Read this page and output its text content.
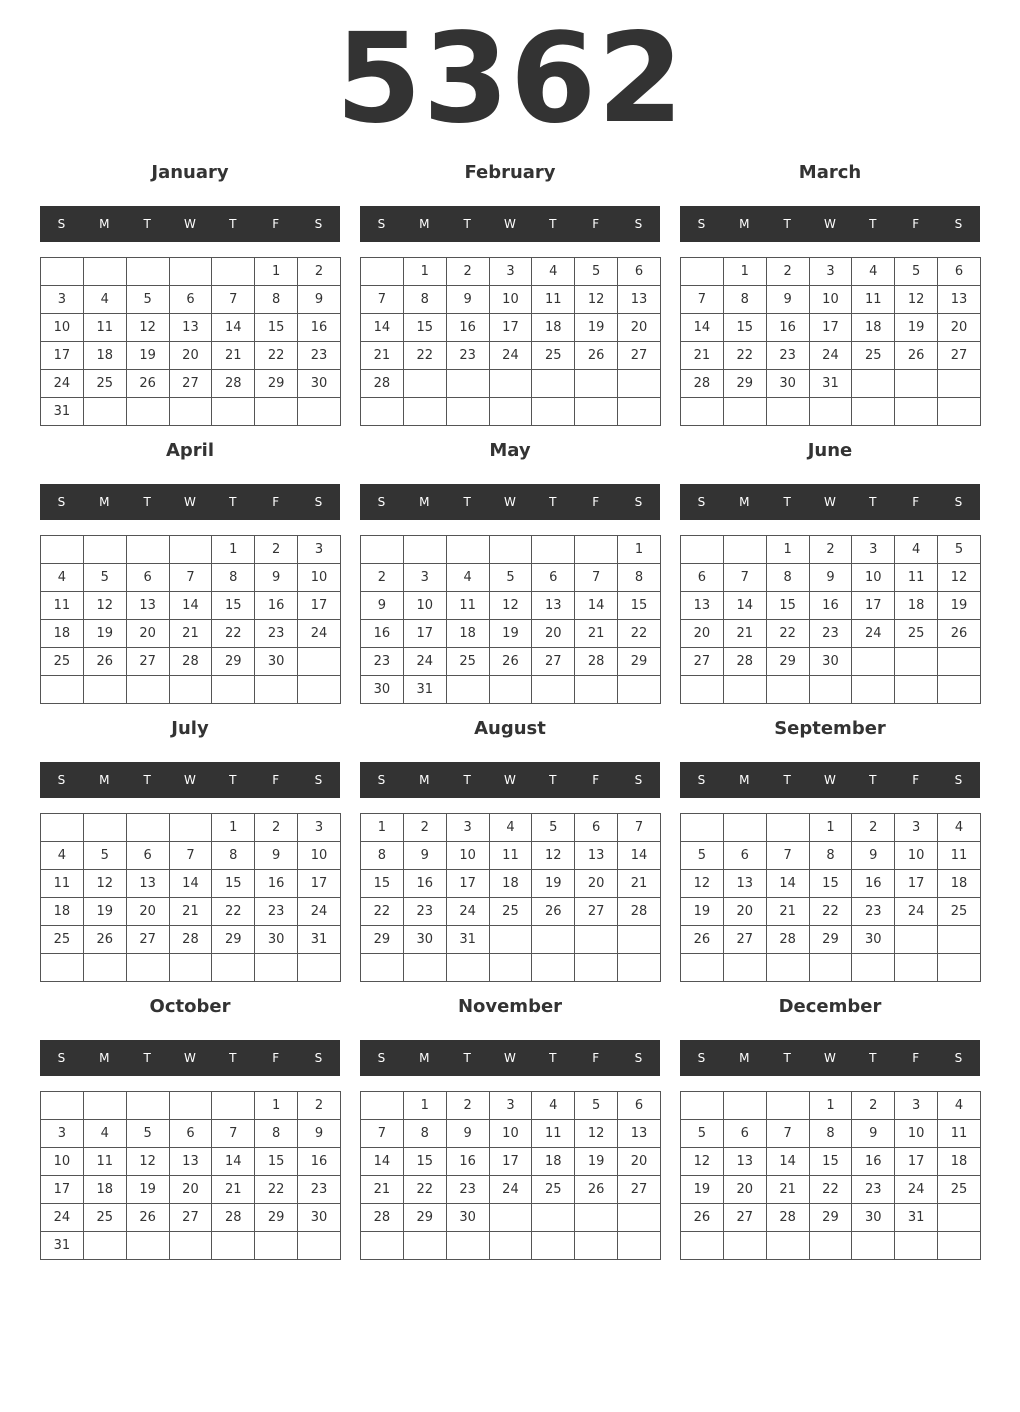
5362
January
S	M	T	W	T	F	S
					1	2
3	4	5	6	7	8	9
10	11	12	13	14	15	16
17	18	19	20	21	22	23
24	25	26	27	28	29	30
31						
February
S	M	T	W	T	F	S
	1	2	3	4	5	6
7	8	9	10	11	12	13
14	15	16	17	18	19	20
21	22	23	24	25	26	27
28						

March
S	M	T	W	T	F	S
	1	2	3	4	5	6
7	8	9	10	11	12	13
14	15	16	17	18	19	20
21	22	23	24	25	26	27
28	29	30	31			

April
S	M	T	W	T	F	S
				1	2	3
4	5	6	7	8	9	10
11	12	13	14	15	16	17
18	19	20	21	22	23	24
25	26	27	28	29	30	

May
S	M	T	W	T	F	S
						1
2	3	4	5	6	7	8
9	10	11	12	13	14	15
16	17	18	19	20	21	22
23	24	25	26	27	28	29
30	31					
June
S	M	T	W	T	F	S
		1	2	3	4	5
6	7	8	9	10	11	12
13	14	15	16	17	18	19
20	21	22	23	24	25	26
27	28	29	30			

July
S	M	T	W	T	F	S
				1	2	3
4	5	6	7	8	9	10
11	12	13	14	15	16	17
18	19	20	21	22	23	24
25	26	27	28	29	30	31

August
S	M	T	W	T	F	S
1	2	3	4	5	6	7
8	9	10	11	12	13	14
15	16	17	18	19	20	21
22	23	24	25	26	27	28
29	30	31				

September
S	M	T	W	T	F	S
			1	2	3	4
5	6	7	8	9	10	11
12	13	14	15	16	17	18
19	20	21	22	23	24	25
26	27	28	29	30		

October
S	M	T	W	T	F	S
					1	2
3	4	5	6	7	8	9
10	11	12	13	14	15	16
17	18	19	20	21	22	23
24	25	26	27	28	29	30
31						
November
S	M	T	W	T	F	S
	1	2	3	4	5	6
7	8	9	10	11	12	13
14	15	16	17	18	19	20
21	22	23	24	25	26	27
28	29	30				

December
S	M	T	W	T	F	S
			1	2	3	4
5	6	7	8	9	10	11
12	13	14	15	16	17	18
19	20	21	22	23	24	25
26	27	28	29	30	31	
